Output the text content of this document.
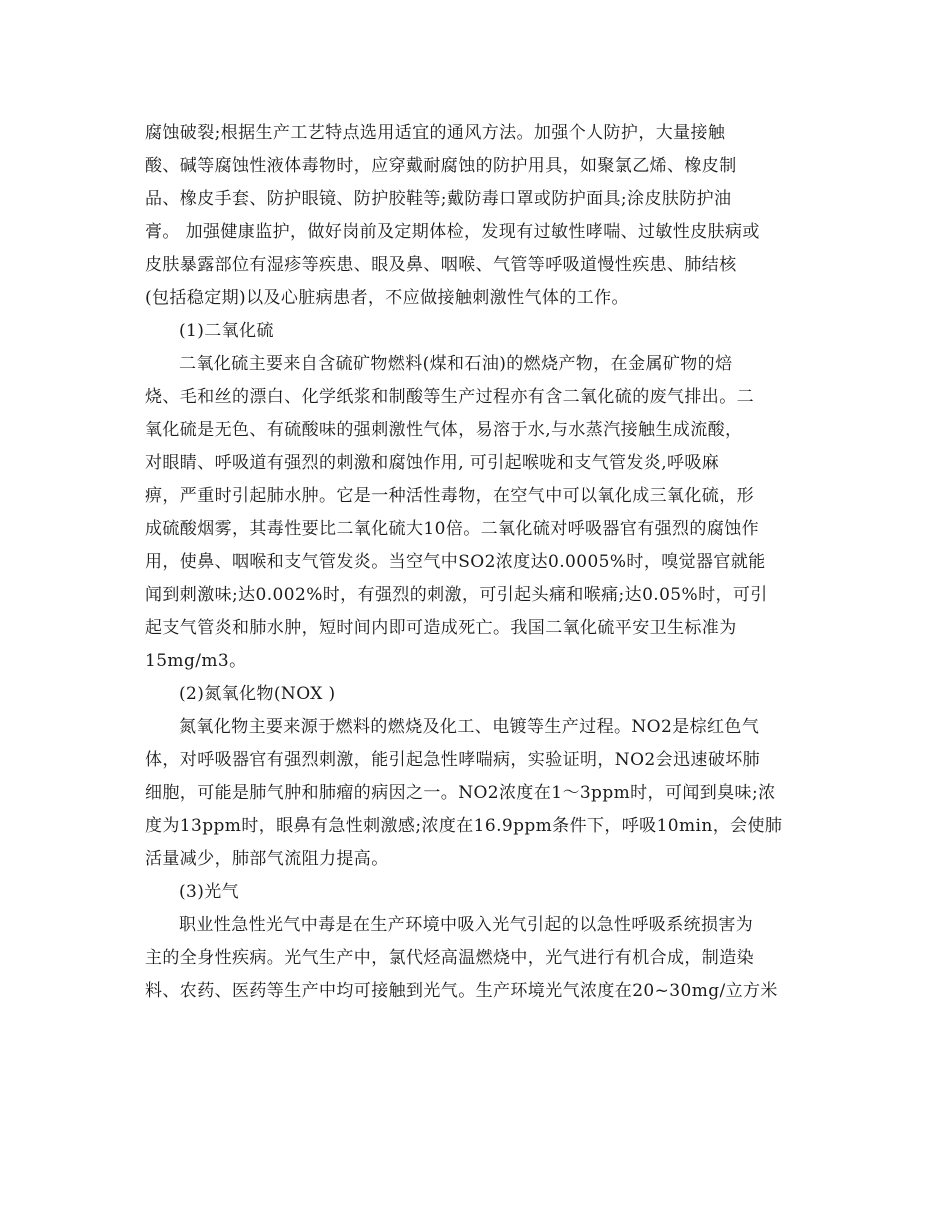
腐蚀破裂;根据生产工艺特点选用适宜的通风方法。加强个人防护，大量接触
酸、碱等腐蚀性液体毒物时，应穿戴耐腐蚀的防护用具，如聚氯乙烯、橡皮制
品、橡皮手套、防护眼镜、防护胶鞋等;戴防毒口罩或防护面具;涂皮肤防护油
膏。 加强健康监护，做好岗前及定期体检，发现有过敏性哮喘、过敏性皮肤病或
皮肤暴露部位有湿疹等疾患、眼及鼻、咽喉、气管等呼吸道慢性疾患、肺结核
(包括稳定期)以及心脏病患者，不应做接触刺激性气体的工作。
(1)二氧化硫
二氧化硫主要来自含硫矿物燃料(煤和石油)的燃烧产物，在金属矿物的焙
烧、毛和丝的漂白、化学纸浆和制酸等生产过程亦有含二氧化硫的废气排出。二
氧化硫是无色、有硫酸味的强刺激性气体，易溶于水,与水蒸汽接触生成流酸，
对眼睛、呼吸道有强烈的刺激和腐蚀作用, 可引起喉咙和支气管发炎,呼吸麻
痹，严重时引起肺水肿。它是一种活性毒物，在空气中可以氧化成三氧化硫，形
成硫酸烟雾，其毒性要比二氧化硫大10倍。二氧化硫对呼吸器官有强烈的腐蚀作
用，使鼻、咽喉和支气管发炎。当空气中SO2浓度达0.0005%时，嗅觉器官就能
闻到刺激味;达0.002%时，有强烈的刺激，可引起头痛和喉痛;达0.05%时，可引
起支气管炎和肺水肿，短时间内即可造成死亡。我国二氧化硫平安卫生标准为
15mg/m3。
(2)氮氧化物(NOX )
氮氧化物主要来源于燃料的燃烧及化工、电镀等生产过程。NO2是棕红色气
体，对呼吸器官有强烈刺激，能引起急性哮喘病，实验证明，NO2会迅速破坏肺
细胞，可能是肺气肿和肺瘤的病因之一。NO2浓度在1～3ppm时，可闻到臭味;浓
度为13ppm时，眼鼻有急性刺激感;浓度在16.9ppm条件下，呼吸10min，会使肺
活量减少，肺部气流阻力提高。
(3)光气
职业性急性光气中毒是在生产环境中吸入光气引起的以急性呼吸系统损害为
主的全身性疾病。光气生产中，氯代烃高温燃烧中，光气进行有机合成，制造染
料、农药、医药等生产中均可接触到光气。生产环境光气浓度在20~30mg/立方米
